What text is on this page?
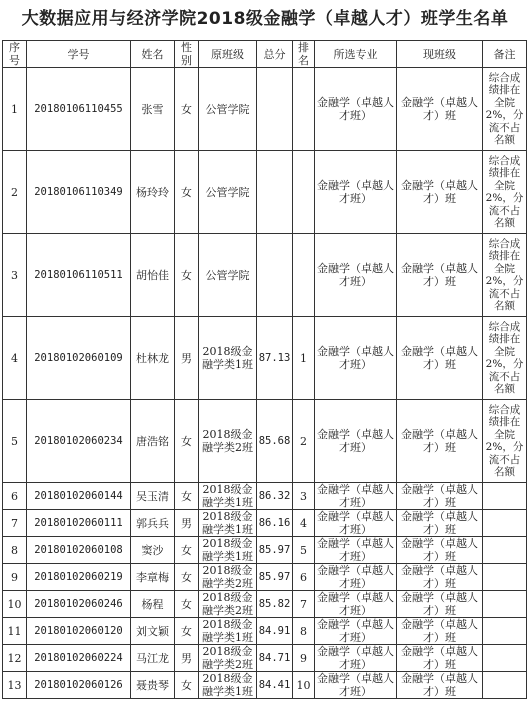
大数据应用与经济学院2018级金融学（卓越人才）班学生名单
序号	学号	姓名	性别	原班级	总分	排名	所选专业	现班级	备注
1	20180106110455	张雪	女	公管学院			金融学（卓越人才班）	金融学（卓越人才）班	综合成绩排在全院2%，分流不占名额
2	20180106110349	杨玲玲	女	公管学院			金融学（卓越人才班）	金融学（卓越人才）班	综合成绩排在全院2%，分流不占名额
3	20180106110511	胡怡佳	女	公管学院			金融学（卓越人才班）	金融学（卓越人才）班	综合成绩排在全院2%，分流不占名额
4	20180102060109	杜林龙	男	2018级金融学类1班	87.13	1	金融学（卓越人才班）	金融学（卓越人才）班	综合成绩排在全院2%，分流不占名额
5	20180102060234	唐浩铭	女	2018级金融学类2班	85.68	2	金融学（卓越人才班）	金融学（卓越人才）班	综合成绩排在全院2%，分流不占名额
6	20180102060144	吴玉清	女	2018级金融学类1班	86.32	3	金融学（卓越人才班）	金融学（卓越人才）班	
7	20180102060111	郭兵兵	男	2018级金融学类1班	86.16	4	金融学（卓越人才班）	金融学（卓越人才）班	
8	20180102060108	窦沙	女	2018级金融学类1班	85.97	5	金融学（卓越人才班）	金融学（卓越人才）班	
9	20180102060219	李章梅	女	2018级金融学类2班	85.97	6	金融学（卓越人才班）	金融学（卓越人才）班	
10	20180102060246	杨程	女	2018级金融学类2班	85.82	7	金融学（卓越人才班）	金融学（卓越人才）班	
11	20180102060120	刘文颖	女	2018级金融学类1班	84.91	8	金融学（卓越人才班）	金融学（卓越人才）班	
12	20180102060224	马江龙	男	2018级金融学类2班	84.71	9	金融学（卓越人才班）	金融学（卓越人才）班	
13	20180102060126	聂贵琴	女	2018级金融学类1班	84.41	10	金融学（卓越人才班）	金融学（卓越人才）班	
